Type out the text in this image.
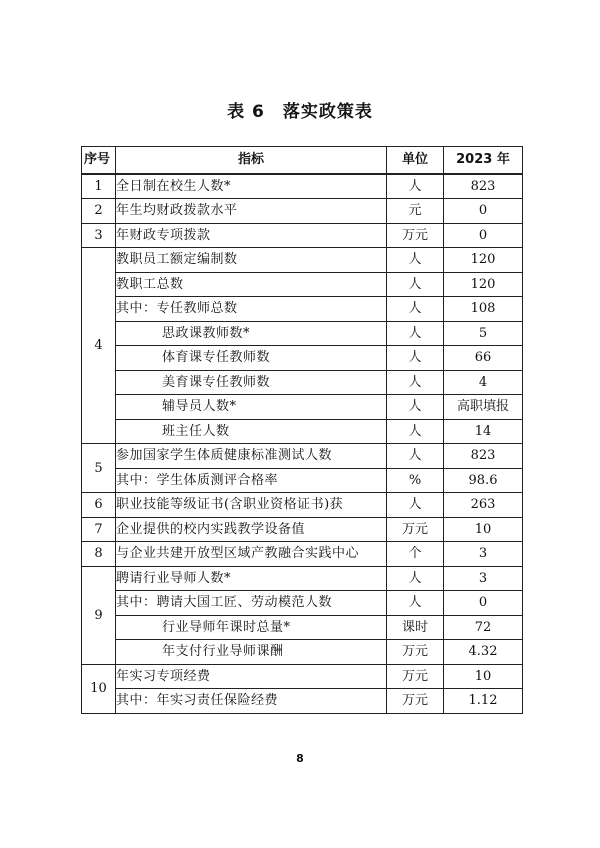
表 6　落实政策表
序号	指标	单位	2023 年
1	全日制在校生人数*	人	823
2	年生均财政拨款水平	元	0
3	年财政专项拨款	万元	0
4	教职员工额定编制数	人	120
	教职工总数	人	120
	其中：专任教师总数	人	108
	思政课教师数*	人	5
	体育课专任教师数	人	66
	美育课专任教师数	人	4
	辅导员人数*	人	高职填报
	班主任人数	人	14
5	参加国家学生体质健康标准测试人数	人	823
	其中：学生体质测评合格率	%	98.6
6	职业技能等级证书(含职业资格证书)获	人	263
7	企业提供的校内实践教学设备值	万元	10
8	与企业共建开放型区域产教融合实践中心	个	3
9	聘请行业导师人数*	人	3
	其中：聘请大国工匠、劳动模范人数	人	0
	行业导师年课时总量*	课时	72
	年支付行业导师课酬	万元	4.32
10	年实习专项经费	万元	10
	其中：年实习责任保险经费	万元	1.12
8
